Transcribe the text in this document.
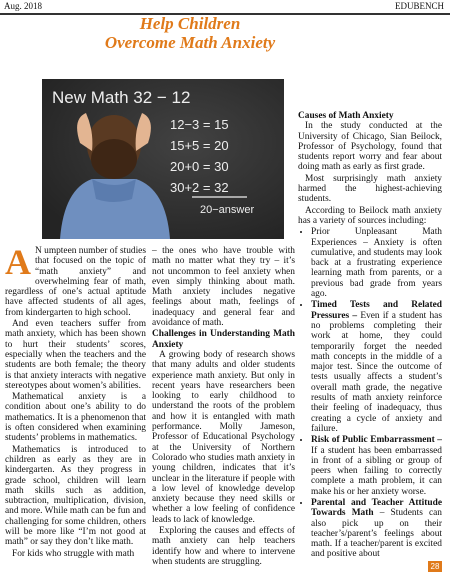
Aug. 2018	EDUBENCH
Help Children
Overcome Math Anxiety
New Math 32 − 12
12−3 = 15
15+5 = 20
20+0 = 30
30+2 = 32
20−answer

A N umpteen number of studies that focused on the topic of “math anxiety” and overwhelming fear of math, regardless of one’s actual aptitude have affected students of all ages, from kindergarten to high school.

And even teachers suffer from math anxiety, which has been shown to hurt their students’ scores, especially when the teachers and the students are both female; the theory is that anxiety interacts with negative stereotypes about women’s abilities.

Mathematical anxiety is a condition about one’s ability to do mathematics. It is a phenomenon that is often considered when examining students’ problems in mathematics.

Mathematics is introduced to children as early as they are in kindergarten. As they progress in grade school, children will learn math skills such as addition, subtraction, multiplication, division, and more. While math can be fun and challenging for some children, others will be more like “I’m not good at math” or say they don’t like math.

For kids who struggle with math

– the ones who have trouble with math no matter what they try – it’s not uncommon to feel anxiety when even simply thinking about math. Math anxiety includes negative feelings about math, feelings of inadequacy and general fear and avoidance of math.

Challenges in Understanding Math Anxiety

A growing body of research shows that many adults and older students experience math anxiety. But only in recent years have researchers been looking to early childhood to understand the roots of the problem and how it is entangled with math performance. Molly Jameson, Professor of Educational Psychology at the University of Northern Colorado who studies math anxiety in young children, indicates that it’s unclear in the literature if people with a low level of knowledge develop anxiety because they need skills or whether a low feeling of confidence leads to lack of knowledge.

Exploring the causes and effects of math anxiety can help teachers identify how and where to intervene when students are struggling.

Causes of Math Anxiety

In the study conducted at the University of Chicago, Sian Beilock, Professor of Psychology, found that students report worry and fear about doing math as early as first grade.

Most surprisingly math anxiety harmed the highest-achieving students.

According to Beilock math anxiety has a variety of sources including:

• Prior Unpleasant Math Experiences – Anxiety is often cumulative, and students may look back at a frustrating experience learning math from parents, or a previous bad grade from years ago.
• Timed Tests and Related Pressures – Even if a student has no problems completing their work at home, they could temporarily forget the needed math concepts in the middle of a major test. Since the outcome of tests usually affects a student’s overall math grade, the negative results of math anxiety reinforce their feeling of inadequacy, thus creating a cycle of anxiety and failure.
• Risk of Public Embarrassment – If a student has been embarrassed in front of a sibling or group of peers when failing to correctly complete a math problem, it can make his or her anxiety worse.
• Parental and Teacher Attitude Towards Math – Students can also pick up on their teacher’s/parent’s feelings about math. If a teacher/parent is excited and positive about
28
